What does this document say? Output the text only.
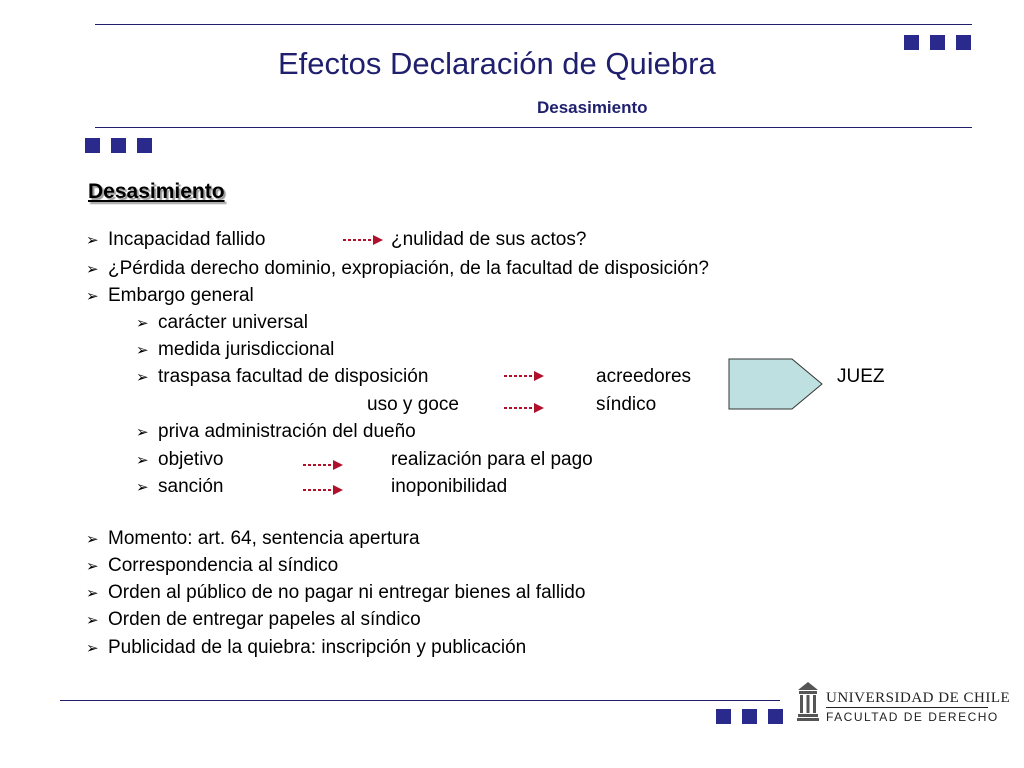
Efectos Declaración de Quiebra
Desasimiento
Desasimiento
➢ Incapacidad fallido	¿nulidad de sus actos?
➢ ¿Pérdida derecho dominio, expropiación, de la facultad de disposición?
➢ Embargo general
➢ carácter universal
➢ medida jurisdiccional
➢ traspasa facultad de disposición	acreedores	JUEZ
uso y goce	síndico
➢ priva administración del dueño
➢ objetivo	realización para el pago
➢ sanción	inoponibilidad
➢ Momento: art. 64, sentencia apertura
➢ Correspondencia al síndico
➢ Orden al público de no pagar ni entregar bienes al fallido
➢ Orden de entregar papeles al síndico
➢ Publicidad de la quiebra: inscripción y publicación
UNIVERSIDAD DE CHILE
FACULTAD DE DERECHO
